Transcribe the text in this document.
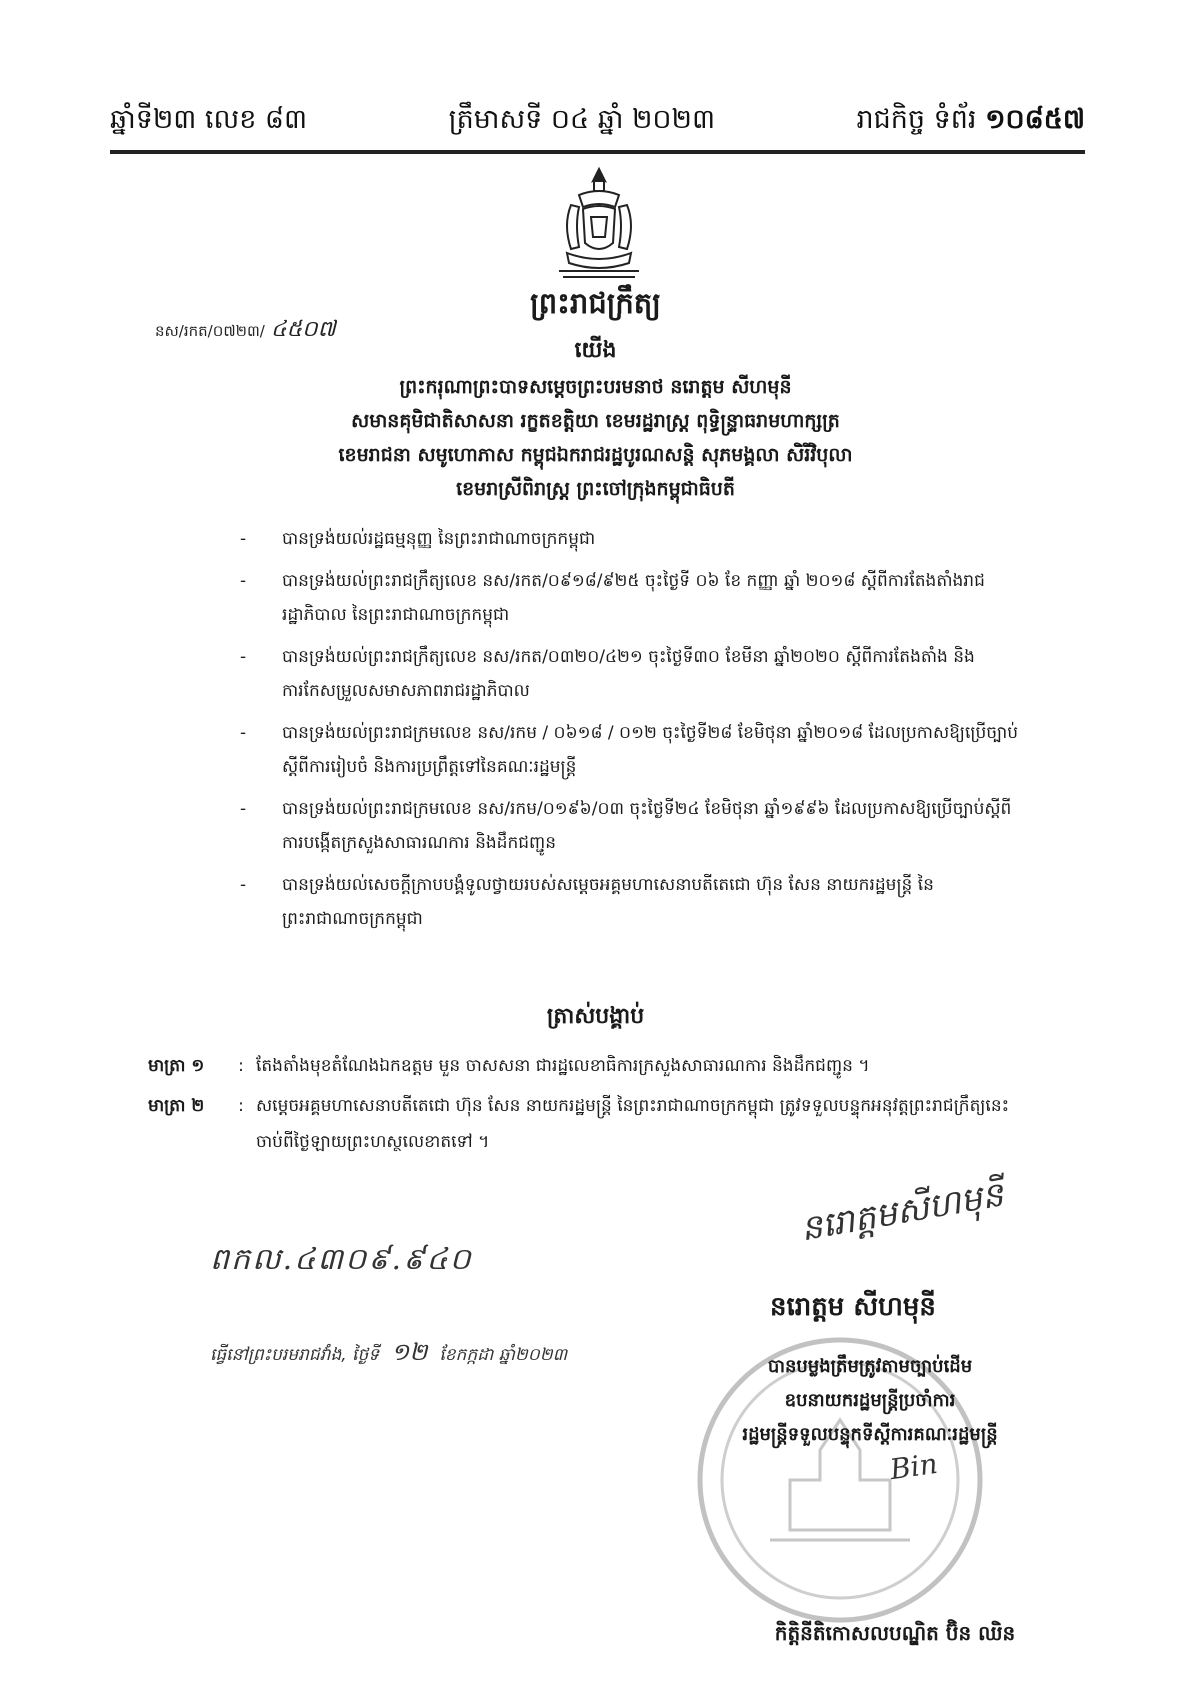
ឆ្នាំទី២៣ លេខ ៨៣	ត្រឹមាសទី ០៤ ឆ្នាំ ២០២៣	រាជកិច្ច ទំព័រ ១០៨៥៧
ព្រះរាជក្រឹត្យ
នស/រកត/០៧២៣/ ៤៥០៧
យើង
ព្រះករុណាព្រះបាទសម្តេចព្រះបរមនាថ នរោត្តម សីហមុនី
សមានគុមិជាតិសាសនា រក្ខតខត្តិយា ខេមរដ្ឋរាស្ត្រ ពុទ្ធិន្ទ្រាធរាមហាក្សត្រ
ខេមរាជនា សមូហោភាស កម្ពុជឯករាជរដ្ឋបូរណសន្តិ សុភមង្គលា សិរីវិបុលា
ខេមរាស្រីពិរាស្ត្រ ព្រះចៅក្រុងកម្ពុជាធិបតី
- បានទ្រង់យល់រដ្ឋធម្មនុញ្ញ នៃព្រះរាជាណាចក្រកម្ពុជា
- បានទ្រង់យល់ព្រះរាជក្រឹត្យលេខ នស/រកត/០៩១៨/៩២៥ ចុះថ្ងៃទី ០៦ ខែ កញ្ញា ឆ្នាំ ២០១៨ ស្តីពីការតែងតាំងរាជរដ្ឋាភិបាល នៃព្រះរាជាណាចក្រកម្ពុជា
- បានទ្រង់យល់ព្រះរាជក្រឹត្យលេខ នស/រកត/០៣២០/៤២១ ចុះថ្ងៃទី៣០ ខែមីនា ឆ្នាំ២០២០ ស្តីពីការតែងតាំង និងការកែសម្រួលសមាសភាពរាជរដ្ឋាភិបាល
- បានទ្រង់យល់ព្រះរាជក្រមលេខ នស/រកម / ០៦១៨ / ០១២ ចុះថ្ងៃទី២៨ ខែមិថុនា ឆ្នាំ២០១៨ ដែលប្រកាសឱ្យប្រើច្បាប់ស្តីពីការរៀបចំ និងការប្រព្រឹត្តទៅនៃគណៈរដ្ឋមន្ត្រី
- បានទ្រង់យល់ព្រះរាជក្រមលេខ នស/រកម/០១៩៦/០៣ ចុះថ្ងៃទី២៤ ខែមិថុនា ឆ្នាំ១៩៩៦ ដែលប្រកាសឱ្យប្រើច្បាប់ស្តីពីការបង្កើតក្រសួងសាធារណការ និងដឹកជញ្ជូន
- បានទ្រង់យល់សេចក្តីក្រាបបង្គំទូលថ្វាយរបស់សម្តេចអគ្គមហាសេនាបតីតេជោ ហ៊ុន សែន នាយករដ្ឋមន្ត្រី នៃព្រះរាជាណាចក្រកម្ពុជា
ត្រាស់បង្គាប់
មាត្រា ១	: តែងតាំងមុខតំណែងឯកឧត្តម មួន ចាសសនា ជារដ្ឋលេខាធិការក្រសួងសាធារណការ និងដឹកជញ្ជូន ។
មាត្រា ២	: សម្តេចអគ្គមហាសេនាបតីតេជោ ហ៊ុន សែន នាយករដ្ឋមន្ត្រី នៃព្រះរាជាណាចក្រកម្ពុជា ត្រូវទទួលបន្ទុកអនុវត្តព្រះរាជក្រឹត្យនេះ ចាប់ពីថ្ងៃឡាយព្រះហស្ថលេខាតទៅ ។
ពកល.៤៣០៩.៩៤០
ធ្វើនៅព្រះបរមរាជវាំង, ថ្ងៃទី ១២ ខែកក្កដា ឆ្នាំ២០២៣
នរោត្តមសីហមុនី
នរោត្តម សីហមុនី
បានបម្លងត្រឹមត្រូវតាមច្បាប់ដើម
ឧបនាយករដ្ឋមន្ត្រីប្រចាំការ
រដ្ឋមន្ត្រីទទួលបន្ទុកទីស្តីការគណៈរដ្ឋមន្ត្រី
Bin
កិត្តិនីតិកោសលបណ្ឌិត ប៊ិន ឈិន
